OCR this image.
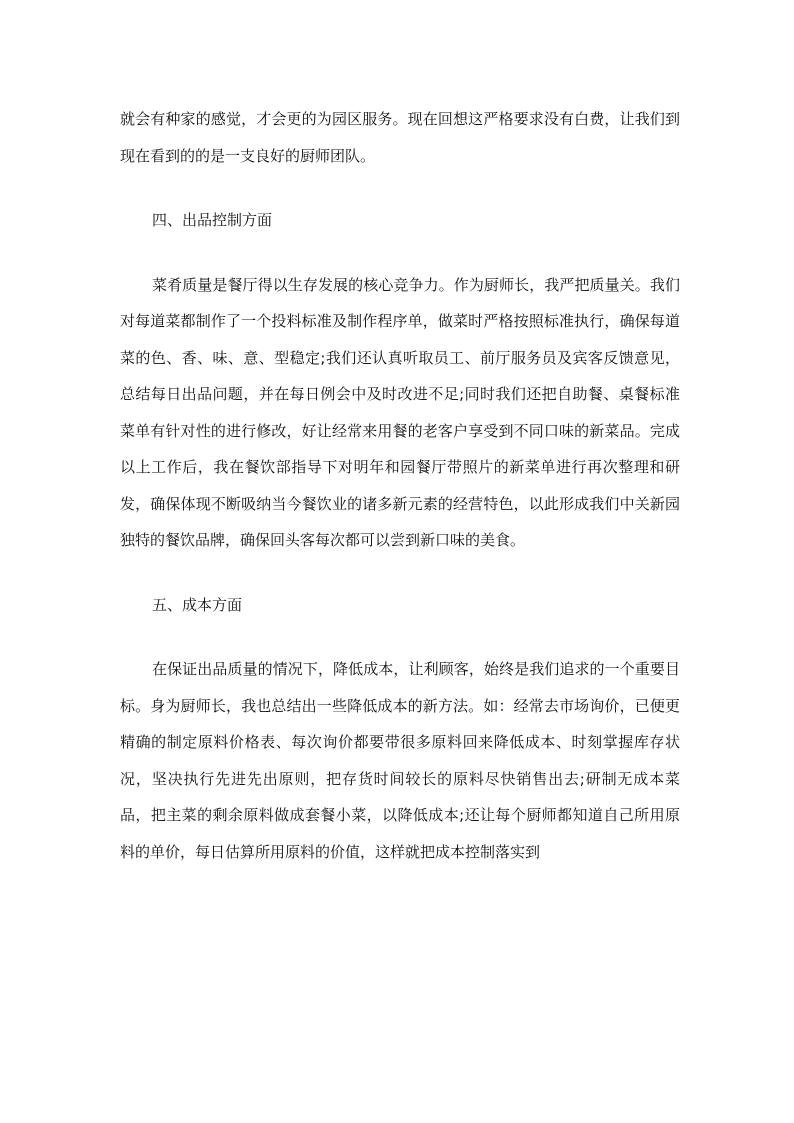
就会有种家的感觉，才会更的为园区服务。现在回想这严格要求没有白费，让我们到现在看到的的是一支良好的厨师团队。

四、出品控制方面

菜肴质量是餐厅得以生存发展的核心竞争力。作为厨师长，我严把质量关。我们对每道菜都制作了一个投料标准及制作程序单，做菜时严格按照标准执行，确保每道菜的色、香、味、意、型稳定;我们还认真听取员工、前厅服务员及宾客反馈意见，总结每日出品问题，并在每日例会中及时改进不足;同时我们还把自助餐、桌餐标准菜单有针对性的进行修改，好让经常来用餐的老客户享受到不同口味的新菜品。完成以上工作后，我在餐饮部指导下对明年和园餐厅带照片的新菜单进行再次整理和研发，确保体现不断吸纳当今餐饮业的诸多新元素的经营特色，以此形成我们中关新园独特的餐饮品牌，确保回头客每次都可以尝到新口味的美食。

五、成本方面

在保证出品质量的情况下，降低成本，让利顾客，始终是我们追求的一个重要目标。身为厨师长，我也总结出一些降低成本的新方法。如：经常去市场询价，已便更精确的制定原料价格表、每次询价都要带很多原料回来降低成本、时刻掌握库存状况，坚决执行先进先出原则，把存货时间较长的原料尽快销售出去;研制无成本菜品，把主菜的剩余原料做成套餐小菜，以降低成本;还让每个厨师都知道自己所用原料的单价，每日估算所用原料的价值，这样就把成本控制落实到
